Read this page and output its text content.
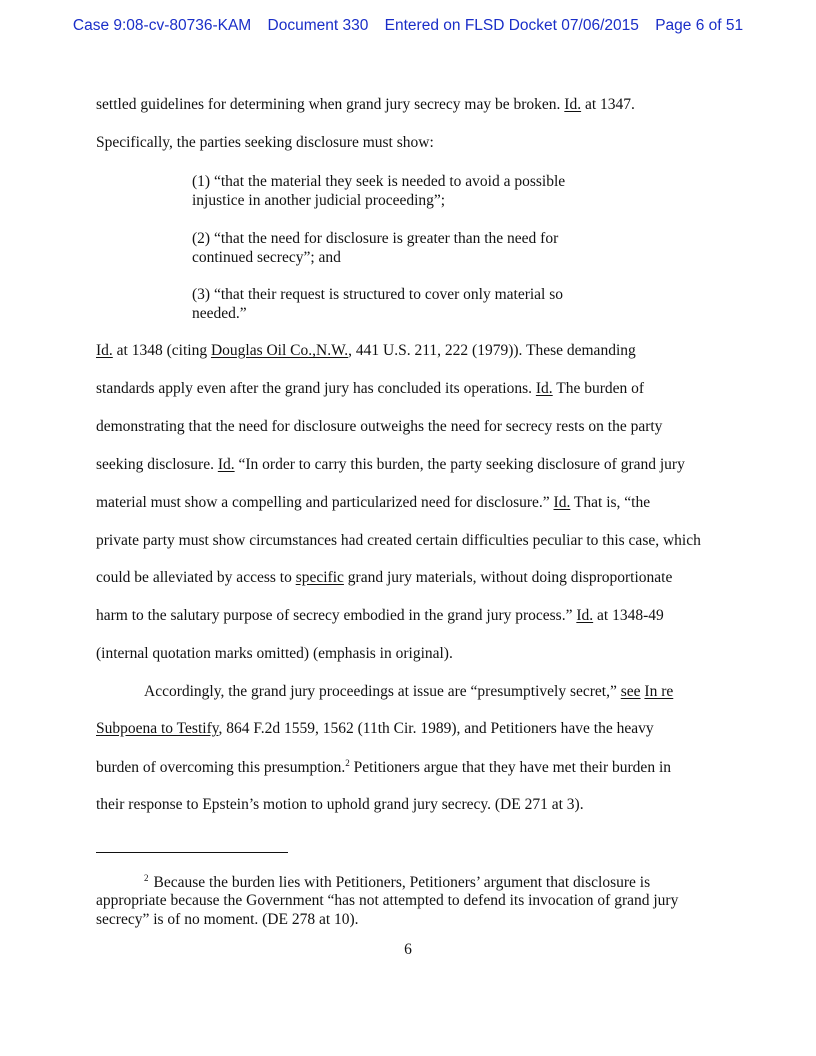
Case 9:08-cv-80736-KAM Document 330 Entered on FLSD Docket 07/06/2015 Page 6 of 51
settled guidelines for determining when grand jury secrecy may be broken. Id. at 1347.
Specifically, the parties seeking disclosure must show:
(1) “that the material they seek is needed to avoid a possible injustice in another judicial proceeding”;
(2) “that the need for disclosure is greater than the need for continued secrecy”; and
(3) “that their request is structured to cover only material so needed.”
Id. at 1348 (citing Douglas Oil Co.,N.W., 441 U.S. 211, 222 (1979)). These demanding
standards apply even after the grand jury has concluded its operations. Id. The burden of
demonstrating that the need for disclosure outweighs the need for secrecy rests on the party
seeking disclosure. Id. “In order to carry this burden, the party seeking disclosure of grand jury
material must show a compelling and particularized need for disclosure.” Id. That is, “the
private party must show circumstances had created certain difficulties peculiar to this case, which
could be alleviated by access to specific grand jury materials, without doing disproportionate
harm to the salutary purpose of secrecy embodied in the grand jury process.” Id. at 1348-49
(internal quotation marks omitted) (emphasis in original).
Accordingly, the grand jury proceedings at issue are “presumptively secret,” see In re
Subpoena to Testify, 864 F.2d 1559, 1562 (11th Cir. 1989), and Petitioners have the heavy
burden of overcoming this presumption.$^2$ Petitioners argue that they have met their burden in
their response to Epstein’s motion to uphold grand jury secrecy. (DE 271 at 3).
$^2$ Because the burden lies with Petitioners, Petitioners’ argument that disclosure is appropriate because the Government “has not attempted to defend its invocation of grand jury secrecy” is of no moment. (DE 278 at 10).
6
